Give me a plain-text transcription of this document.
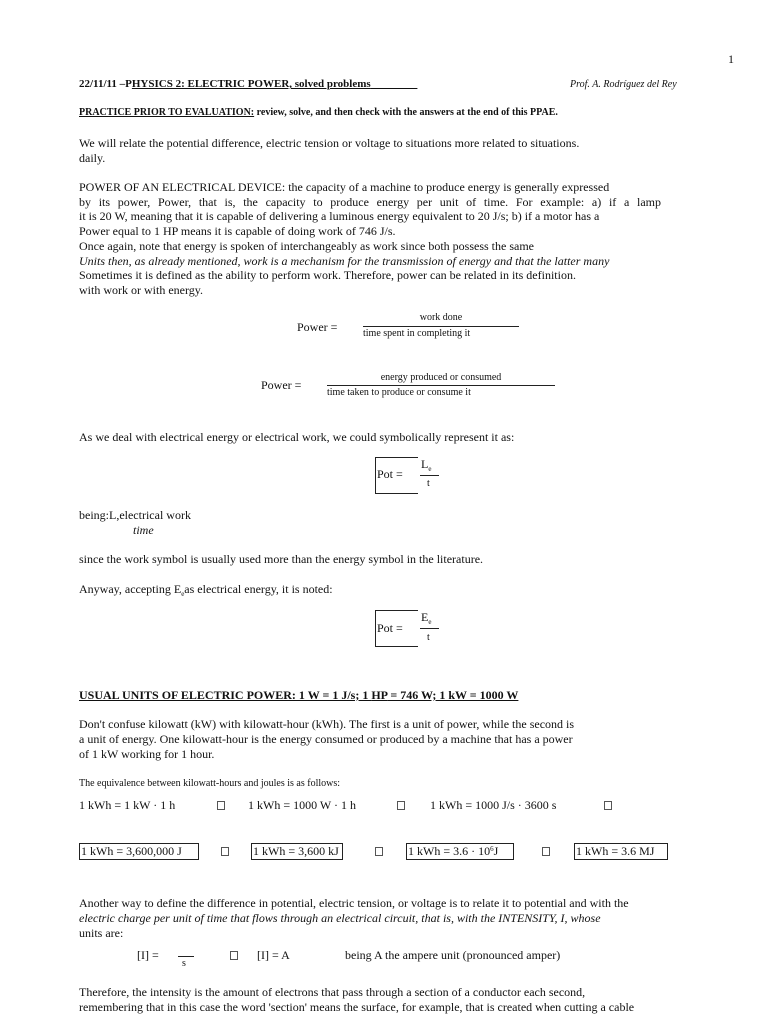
1
22/11/11 –PHYSICS 2: ELECTRIC POWER, solved problems	Prof. A. Rodríguez del Rey
PRACTICE PRIOR TO EVALUATION: review, solve, and then check with the answers at the end of this PPAE.
We will relate the potential difference, electric tension or voltage to situations more related to situations.
daily.
POWER OF AN ELECTRICAL DEVICE: the capacity of a machine to produce energy is generally expressed
by its power, Power, that is, the capacity to produce energy per unit of time. For example: a) if a lamp
it is 20 W, meaning that it is capable of delivering a luminous energy equivalent to 20 J/s; b) if a motor has a
Power equal to 1 HP means it is capable of doing work of 746 J/s.
Once again, note that energy is spoken of interchangeably as work since both possess the same
Units then, as already mentioned, work is a mechanism for the transmission of energy and that the latter many
Sometimes it is defined as the ability to perform work. Therefore, power can be related in its definition.
with work or with energy.
Power =
work done
time spent in completing it
Power =
energy produced or consumed
time taken to produce or consume it
As we deal with electrical energy or electrical work, we could symbolically represent it as:
Pot =
$L_e$
t
being:L,electrical work
time
since the work symbol is usually used more than the energy symbol in the literature.
Anyway, accepting $E_eas$ electrical energy, it is noted:
Pot =
$E_e$
t
USUAL UNITS OF ELECTRIC POWER: 1 W = 1 J/s; 1 HP = 746 W; 1 kW = 1000 W
Don't confuse kilowatt (kW) with kilowatt-hour (kWh). The first is a unit of power, while the second is
a unit of energy. One kilowatt-hour is the energy consumed or produced by a machine that has a power
of 1 kW working for 1 hour.
The equivalence between kilowatt-hours and joules is as follows:
1 kWh = 1 kW · 1 h	1 kWh = 1000 W · 1 h	1 kWh = 1000 J/s · 3600 s
1 kWh = 3,600,000 J	1 kWh = 3,600 kJ	1 kWh = $3.6 \cdot 10^6J$	1 kWh = 3.6 MJ
Another way to define the difference in potential, electric tension, or voltage is to relate it to potential and with the
electric charge per unit of time that flows through an electrical circuit, that is, with the INTENSITY, I, whose
units are:
[I] =
s
[I] = A	being A the ampere unit (pronounced amper)
Therefore, the intensity is the amount of electrons that pass through a section of a conductor each second,
remembering that in this case the word 'section' means the surface, for example, that is created when cutting a cable
